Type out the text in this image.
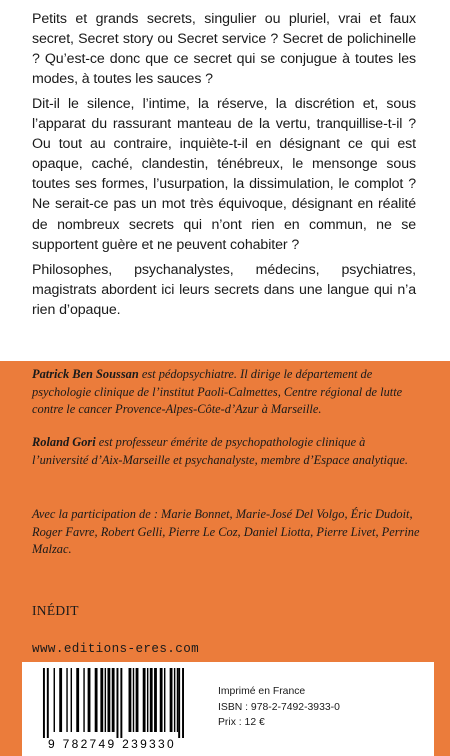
Petits et grands secrets, singulier ou pluriel, vrai et faux secret, Secret story ou Secret service ? Secret de polichinelle ? Qu’est-ce donc que ce secret qui se conjugue à toutes les modes, à toutes les sauces ?

Dit-il le silence, l’intime, la réserve, la discrétion et, sous l’apparat du rassurant manteau de la vertu, tranquillise-t-il ? Ou tout au contraire, inquiète-t-il en désignant ce qui est opaque, caché, clandestin, ténébreux, le mensonge sous toutes ses formes, l’usurpation, la dissimulation, le complot ? Ne serait-ce pas un mot très équivoque, désignant en réalité de nombreux secrets qui n’ont rien en commun, ne se supportent guère et ne peuvent cohabiter ?

Philosophes, psychanalystes, médecins, psychiatres, magistrats abordent ici leurs secrets dans une langue qui n’a rien d’opaque.

Patrick Ben Soussan est pédopsychiatre. Il dirige le département de psychologie clinique de l’institut Paoli-Calmettes, Centre régional de lutte contre le cancer Provence-Alpes-Côte-d’Azur à Marseille.

Roland Gori est professeur émérite de psychopathologie clinique à l’université d’Aix-Marseille et psychanalyste, membre d’Espace analytique.

Avec la participation de : Marie Bonnet, Marie-José Del Volgo, Éric Dudoit, Roger Favre, Robert Gelli, Pierre Le Coz, Daniel Liotta, Pierre Livet, Perrine Malzac.

INÉDIT

www.editions-eres.com

9 782749 239330

Imprimé en France
ISBN : 978-2-7492-3933-0
Prix : 12 €
